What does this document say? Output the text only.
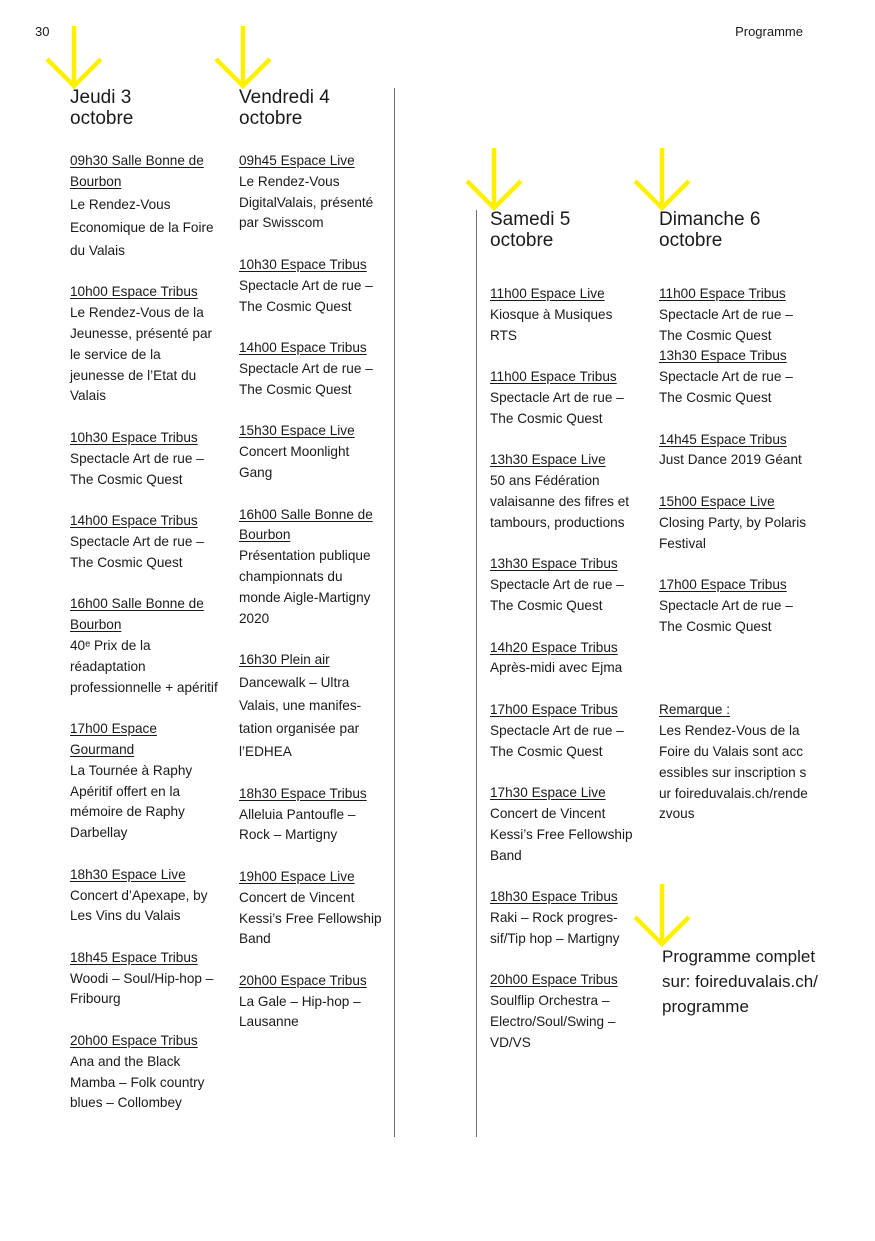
30	Programme
Jeudi 3
octobre
09h30 Salle Bonne de Bourbon
Le Rendez-Vous Economique de la Foire du Valais
10h00 Espace Tribus
Le Rendez-Vous de la Jeunesse, présenté par le service de la jeunesse de l’Etat du Valais
10h30 Espace Tribus
Spectacle Art de rue – The Cosmic Quest
14h00 Espace Tribus
Spectacle Art de rue – The Cosmic Quest
16h00 Salle Bonne de Bourbon
40ᵉ Prix de la réadaptation professionnelle + apéritif
17h00 Espace Gourmand
La Tournée à Raphy Apéritif offert en la mémoire de Raphy Darbellay
18h30 Espace Live
Concert d’Apexape, by Les Vins du Valais
18h45 Espace Tribus
Woodi – Soul/Hip-hop – Fribourg
20h00 Espace Tribus
Ana and the Black Mamba – Folk country blues – Collombey
Vendredi 4
octobre
09h45 Espace Live
Le Rendez-Vous DigitalValais, présenté par Swisscom
10h30 Espace Tribus
Spectacle Art de rue – The Cosmic Quest
14h00 Espace Tribus
Spectacle Art de rue – The Cosmic Quest
15h30 Espace Live
Concert Moonlight Gang
16h00 Salle Bonne de Bourbon
Présentation publique championnats du monde Aigle-Martigny 2020
16h30 Plein air
Dancewalk – Ultra Valais, une manifes-tation organisée par l’EDHEA
18h30 Espace Tribus
Alleluia Pantoufle – Rock – Martigny
19h00 Espace Live
Concert de Vincent Kessi’s Free Fellowship Band
20h00 Espace Tribus
La Gale – Hip-hop – Lausanne
Samedi 5
octobre
11h00 Espace Live
Kiosque à Musiques RTS
11h00 Espace Tribus
Spectacle Art de rue – The Cosmic Quest
13h30 Espace Live
50 ans Fédération valaisanne des fifres et tambours, productions
13h30 Espace Tribus
Spectacle Art de rue – The Cosmic Quest
14h20 Espace Tribus
Après-midi avec Ejma
17h00 Espace Tribus
Spectacle Art de rue – The Cosmic Quest
17h30 Espace Live
Concert de Vincent Kessi’s Free Fellowship Band
18h30 Espace Tribus
Raki – Rock progres-sif/Tip hop – Martigny
20h00 Espace Tribus
Soulflip Orchestra – Electro/Soul/Swing – VD/VS
Dimanche 6
octobre
11h00 Espace Tribus
Spectacle Art de rue – The Cosmic Quest
13h30 Espace Tribus
Spectacle Art de rue – The Cosmic Quest
14h45 Espace Tribus
Just Dance 2019 Géant
15h00 Espace Live
Closing Party, by Polaris Festival
17h00 Espace Tribus
Spectacle Art de rue – The Cosmic Quest
Remarque :
Les Rendez-Vous de la Foire du Valais sont accessibles sur inscription sur foireduvalais.ch/rendezvous
Programme complet sur: foireduvalais.ch/ programme
